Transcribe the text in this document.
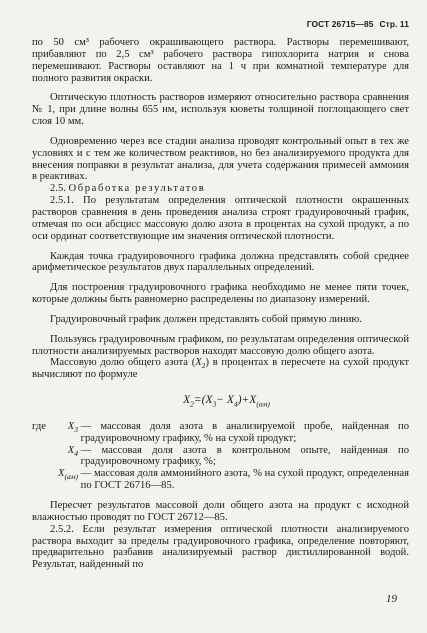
ГОСТ 26715—85 Стр. 11

по 50 см³ рабочего окрашивающего раствора. Растворы перемешивают, прибавляют по 2,5 см³ рабочего раствора гипохлорита натрия и снова перемешивают. Растворы оставляют на 1 ч при комнатной температуре для полного развития окраски.

Оптическую плотность растворов измеряют относительно раствора сравнения № 1, при длине волны 655 нм, используя кюветы толщиной поглощающего свет слоя 10 мм.

Одновременно через все стадии анализа проводят контрольный опыт в тех же условиях и с тем же количеством реактивов, но без анализируемого продукта для внесения поправки в результат анализа, для учета содержания примесей аммония в реактивах.

2.5. Обработка результатов

2.5.1. По результатам определения оптической плотности окрашенных растворов сравнения в день проведения анализа строят градуировочный график, отмечая по оси абсцисс массовую долю азота в процентах на сухой продукт, а по оси ординат соответствующие им значения оптической плотности.

Каждая точка градуировочного графика должна представлять собой среднее арифметическое результатов двух параллельных определений.

Для построения градуировочного графика необходимо не менее пяти точек, которые должны быть равномерно распределены по диапазону измерений.

Градуировочный график должен представлять собой прямую линию.

Пользуясь градуировочным графиком, по результатам определения оптической плотности анализируемых растворов находят массовую долю общего азота.

Массовую долю общего азота $(X_2)$ в процентах в пересчете на сухой продукт вычисляют по формуле

$X_2=(X_3- X_4)+X_{(ам)}$
где $X_3$ — массовая доля азота в анализируемой пробе, найденная по градуировочному графику, % на сухой продукт;
$X_4$ — массовая доля азота в контрольном опыте, найденная по градуировочному графику, %;
$X_{(ам)}$ — массовая доля аммонийного азота, % на сухой продукт, определенная по ГОСТ 26716—85.

Пересчет результатов массовой доли общего азота на продукт с исходной влажностью проводят по ГОСТ 26712—85.

2.5.2. Если результат измерения оптической плотности анализируемого раствора выходит за пределы градуировочного графика, определение повторяют, предварительно разбавив анализируемый раствор дистиллированной водой. Результат, найденный по

19
